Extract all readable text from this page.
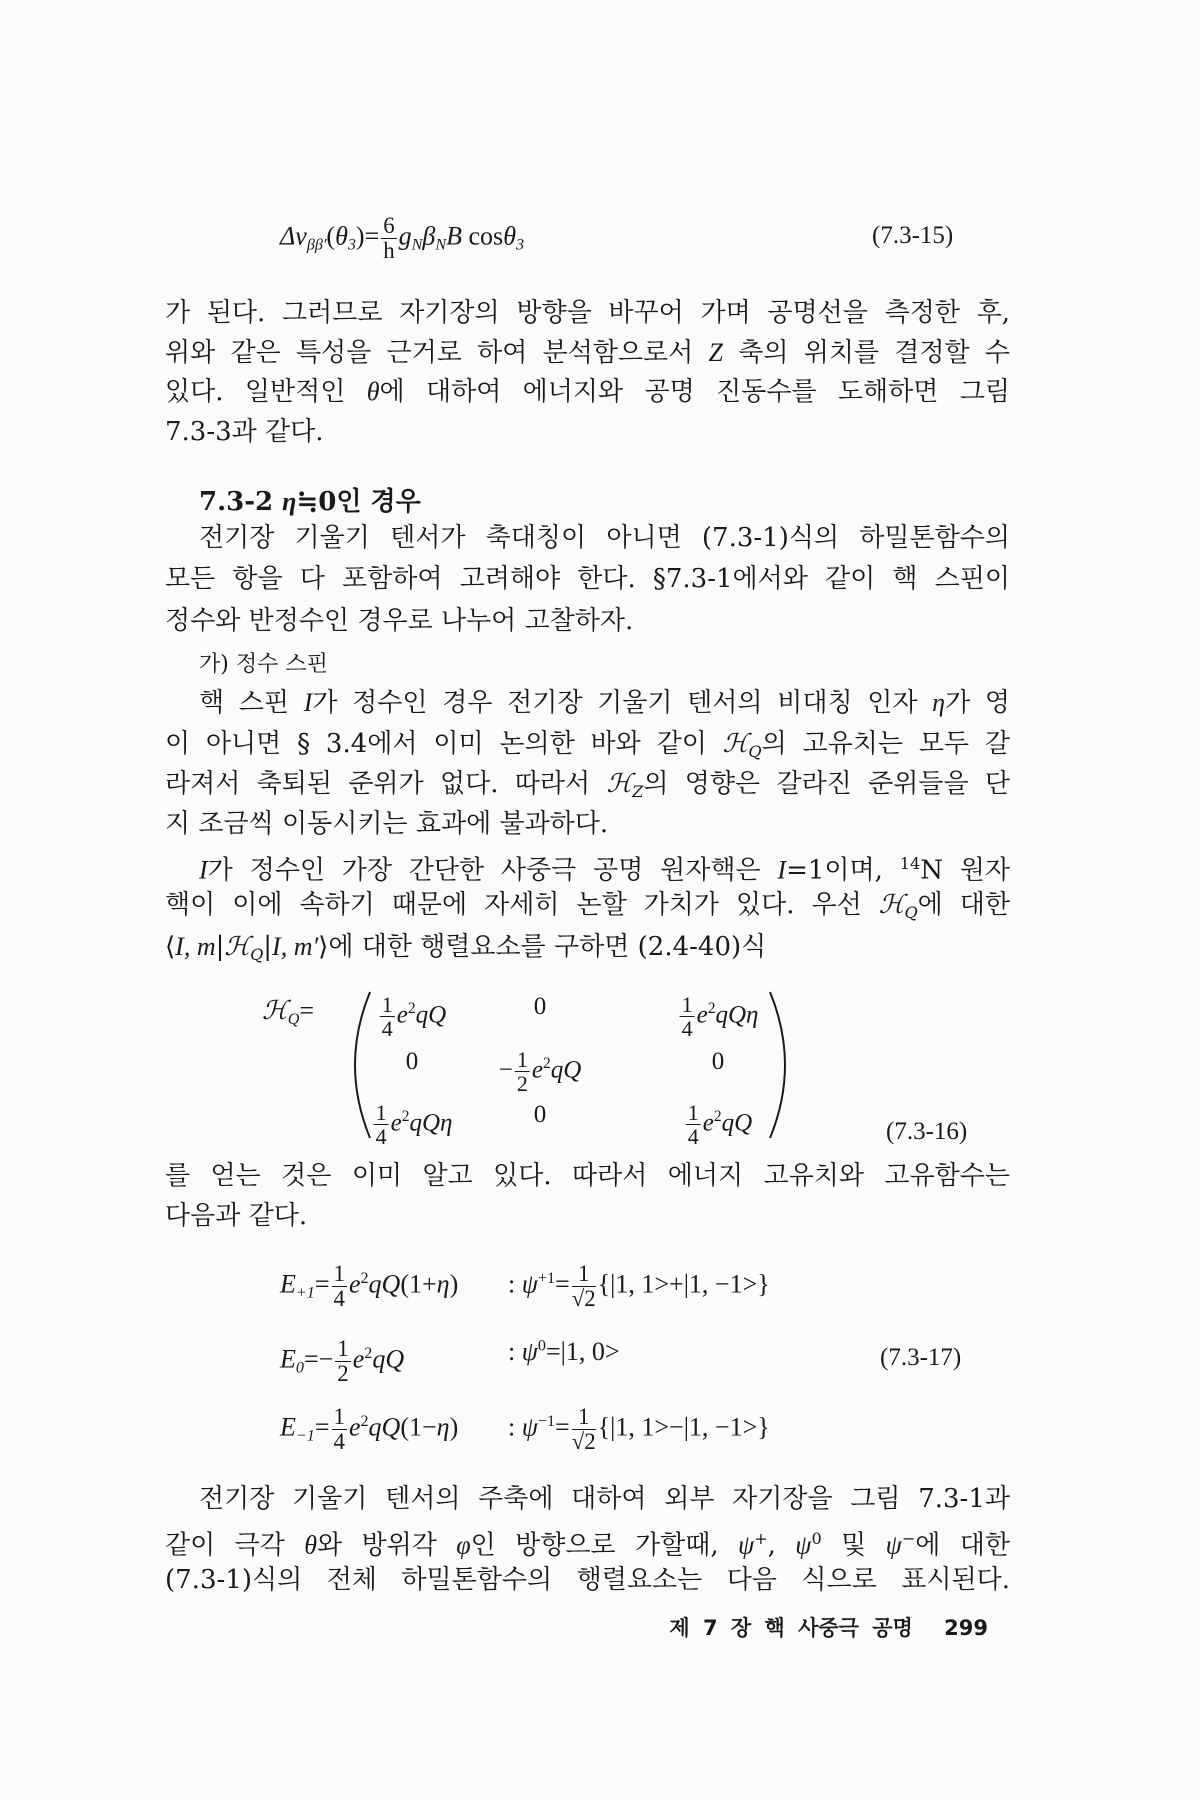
$\Delta\nu_{\beta\beta'}(\theta_3)= \frac{6}{h} g_N\beta_NB$ cosθ$_3$	(7.3-15)
가 된다. 그러므로 자기장의 방향을 바꾸어 가며 공명선을 측정한 후,
위와 같은 특성을 근거로 하여 분석함으로서 Z 축의 위치를 결정할 수
있다. 일반적인 θ에 대하여 에너지와 공명 진동수를 도해하면 그림
7.3-3과 같다.
7.3-2 η≒0인 경우
전기장 기울기 텐서가 축대칭이 아니면 (7.3-1)식의 하밀톤함수의
모든 항을 다 포함하여 고려해야 한다. §7.3-1에서와 같이 핵 스핀이
정수와 반정수인 경우로 나누어 고찰하자.
가) 정수 스핀
핵 스핀 I가 정수인 경우 전기장 기울기 텐서의 비대칭 인자 η가 영
이 아니면 § 3.4에서 이미 논의한 바와 같이 ℋ$_Q$의 고유치는 모두 갈
라져서 축퇴된 준위가 없다. 따라서 ℋ$_Z$의 영향은 갈라진 준위들을 단
지 조금씩 이동시키는 효과에 불과하다.
I가 정수인 가장 간단한 사중극 공명 원자핵은 I=1이며, $^{14}$N 원자
핵이 이에 속하기 때문에 자세히 논할 가치가 있다. 우선 ℋ$_Q$에 대한
⟨I, m|ℋ$_Q$|I, m′⟩에 대한 행렬요소를 구하면 (2.4-40)식
를 얻는 것은 이미 알고 있다. 따라서 에너지 고유치와 고유함수는
다음과 같다.
전기장 기울기 텐서의 주축에 대하여 외부 자기장을 그림 7.3-1과
같이 극각 θ와 방위각 φ인 방향으로 가할때, ψ+, $\psi^0$ 및 ψ−에 대한
(7.3-1)식의 전체 하밀톤함수의 행렬요소는 다음 식으로 표시된다.
ℋ$_Q$=
(7.3-16)
$\frac{1}{4} e^2qQ$	0	$\frac{1}{4} e^2qQ\eta$
0	− $\frac{1}{2} e^2qQ$	0
$\frac{1}{4} e^2qQ\eta$	0	$\frac{1}{4} e^2qQ$
(7.3-17)
$E_{+1}= \frac{1}{4} e^2qQ(1+\eta)$ : $\psi^{+1}= \frac{1}{√2} \{|1$, 1>+|1, −1>}
$E_0=- \frac{1}{2} e^2qQ$	: $\psi^0=|1$, 0>
$E_{-1}= \frac{1}{4} e^2qQ(1-\eta)$ : $\psi^{-1}= \frac{1}{√2} \{|1$, 1>−|1, −1>}
제 7 장 핵 사중극 공명 299
